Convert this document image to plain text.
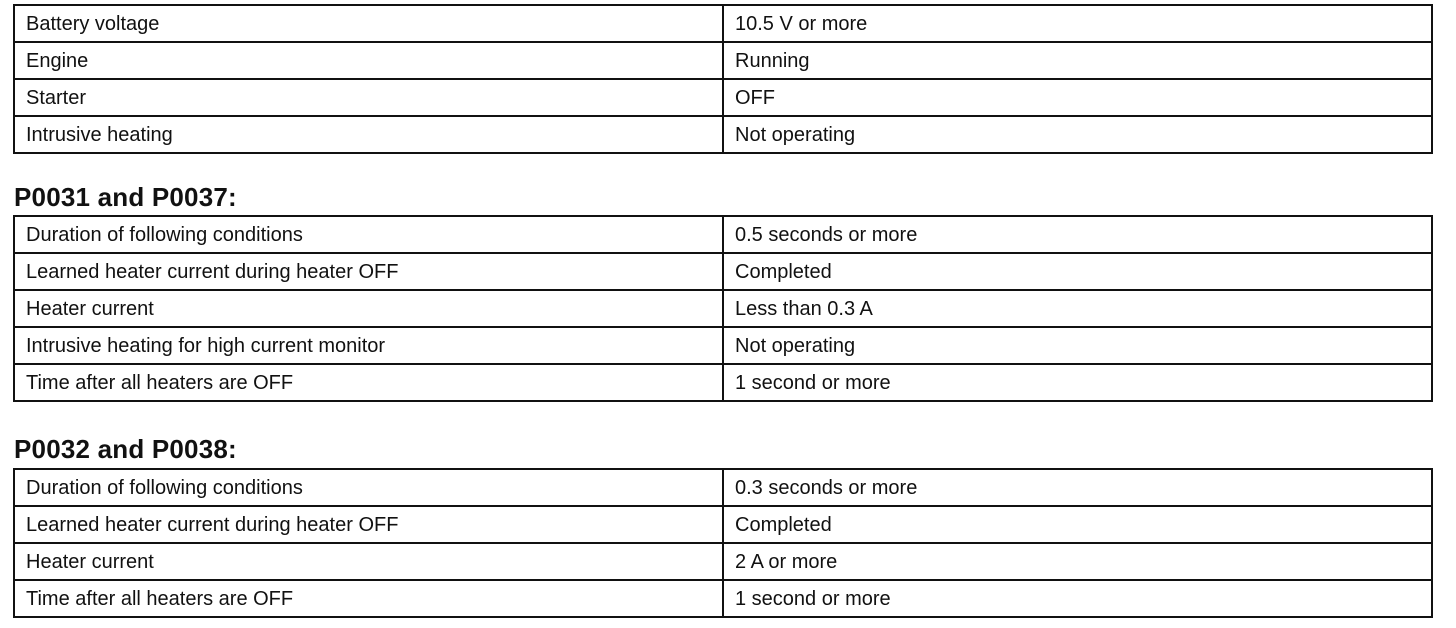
Battery voltage	10.5 V or more
Engine	Running
Starter	OFF
Intrusive heating	Not operating
P0031 and P0037:
Duration of following conditions	0.5 seconds or more
Learned heater current during heater OFF	Completed
Heater current	Less than 0.3 A
Intrusive heating for high current monitor	Not operating
Time after all heaters are OFF	1 second or more
P0032 and P0038:
Duration of following conditions	0.3 seconds or more
Learned heater current during heater OFF	Completed
Heater current	2 A or more
Time after all heaters are OFF	1 second or more
